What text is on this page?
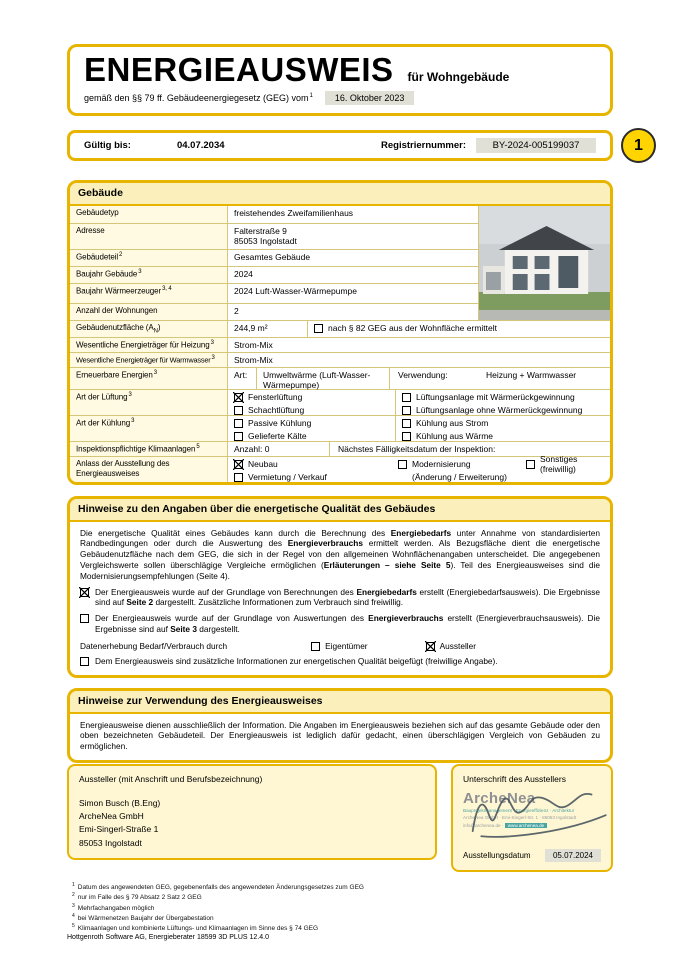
ENERGIEAUSWEIS für Wohngebäude
gemäß den §§ 79 ff. Gebäudeenergiegesetz (GEG) vom$^1$	16. Oktober 2023
Gültig bis:	04.07.2034	Registriernummer:	BY-2024-005199037	1
Gebäude
Gebäudetyp	freistehendes Zweifamilienhaus
Adresse	Falterstraße 9
85053 Ingolstadt
Gebäudeteil$^2$	Gesamtes Gebäude
Baujahr Gebäude$^3$	2024
Baujahr Wärmeerzeuger$^{3, 4}$	2024 Luft-Wasser-Wärmepumpe
Anzahl der Wohnungen	2
Gebäudenutzfläche $(A_N)$	244,9 m²	nach § 82 GEG aus der Wohnfläche ermittelt
Wesentliche Energieträger für Heizung$^3$	Strom-Mix
Wesentliche Energieträger für Warmwasser$^3$	Strom-Mix
Erneuerbare Energien$^3$	Art:	Umweltwärme (Luft-Wasser-Wärmepumpe)
Verwendung:	Heizung + Warmwasser
Art der Lüftung$^3$	Fensterlüftung	Lüftungsanlage mit Wärmerückgewinnung
Schachtlüftung	Lüftungsanlage ohne Wärmerückgewinnung
Art der Kühlung$^3$	Passive Kühlung	Kühlung aus Strom
Gelieferte Kälte	Kühlung aus Wärme
Inspektionspflichtige Klimaanlagen$^5$	Anzahl: 0	Nächstes Fälligkeitsdatum der Inspektion:
Anlass der Ausstellung des Energieausweises
Neubau	Modernisierung	Sonstiges (freiwillig)
Vermietung / Verkauf	(Änderung / Erweiterung)
Hinweise zu den Angaben über die energetische Qualität des Gebäudes

Die energetische Qualität eines Gebäudes kann durch die Berechnung des Energiebedarfs unter Annahme von standardisierten Randbedingungen oder durch die Auswertung des Energieverbrauchs ermittelt werden. Als Bezugsfläche dient die energetische Gebäudenutzfläche nach dem GEG, die sich in der Regel von den allgemeinen Wohnflächenangaben unterscheidet. Die angegebenen Vergleichswerte sollen überschlägige Vergleiche ermöglichen (Erläuterungen – siehe Seite 5). Teil des Energieausweises sind die Modernisierungsempfehlungen (Seite 4).

Der Energieausweis wurde auf der Grundlage von Berechnungen des Energiebedarfs erstellt (Energiebedarfsausweis). Die Ergebnisse sind auf Seite 2 dargestellt. Zusätzliche Informationen zum Verbrauch sind freiwillig.

Der Energieausweis wurde auf der Grundlage von Auswertungen des Energieverbrauchs erstellt (Energieverbrauchsausweis). Die Ergebnisse sind auf Seite 3 dargestellt.

Datenerhebung Bedarf/Verbrauch durch	Eigentümer	Aussteller

Dem Energieausweis sind zusätzliche Informationen zur energetischen Qualität beigefügt (freiwillige Angabe).

Hinweise zur Verwendung des Energieausweises

Energieausweise dienen ausschließlich der Information. Die Angaben im Energieausweis beziehen sich auf das gesamte Gebäude oder den oben bezeichneten Gebäudeteil. Der Energieausweis ist lediglich dafür gedacht, einen überschlägigen Vergleich von Gebäuden zu ermöglichen.

Aussteller (mit Anschrift und Berufsbezeichnung)
Simon Busch (B.Eng)
ArcheNea GmbH
Emi-Singerl-Straße 1
85053 Ingolstadt
Unterschrift des Ausstellers
ArcheNea
Bauprojektmanagement · Energieeffizienz · Architektur
ArcheNea GmbH · Emi-Singerl-Str. 1 · 85053 Ingolstadt
info@archenea.de · www.archenea.de
Ausstellungsdatum	05.07.2024
$^1$ Datum des angewendeten GEG, gegebenenfalls des angewendeten Änderungsgesetzes zum GEG
$^2$ nur im Falle des § 79 Absatz 2 Satz 2 GEG
$^3$ Mehrfachangaben möglich
$^4$ bei Wärmenetzen Baujahr der Übergabestation
$^5$ Klimaanlagen und kombinierte Lüftungs- und Klimaanlagen im Sinne des § 74 GEG
Hottgenroth Software AG, Energieberater 18599 3D PLUS 12.4.0
